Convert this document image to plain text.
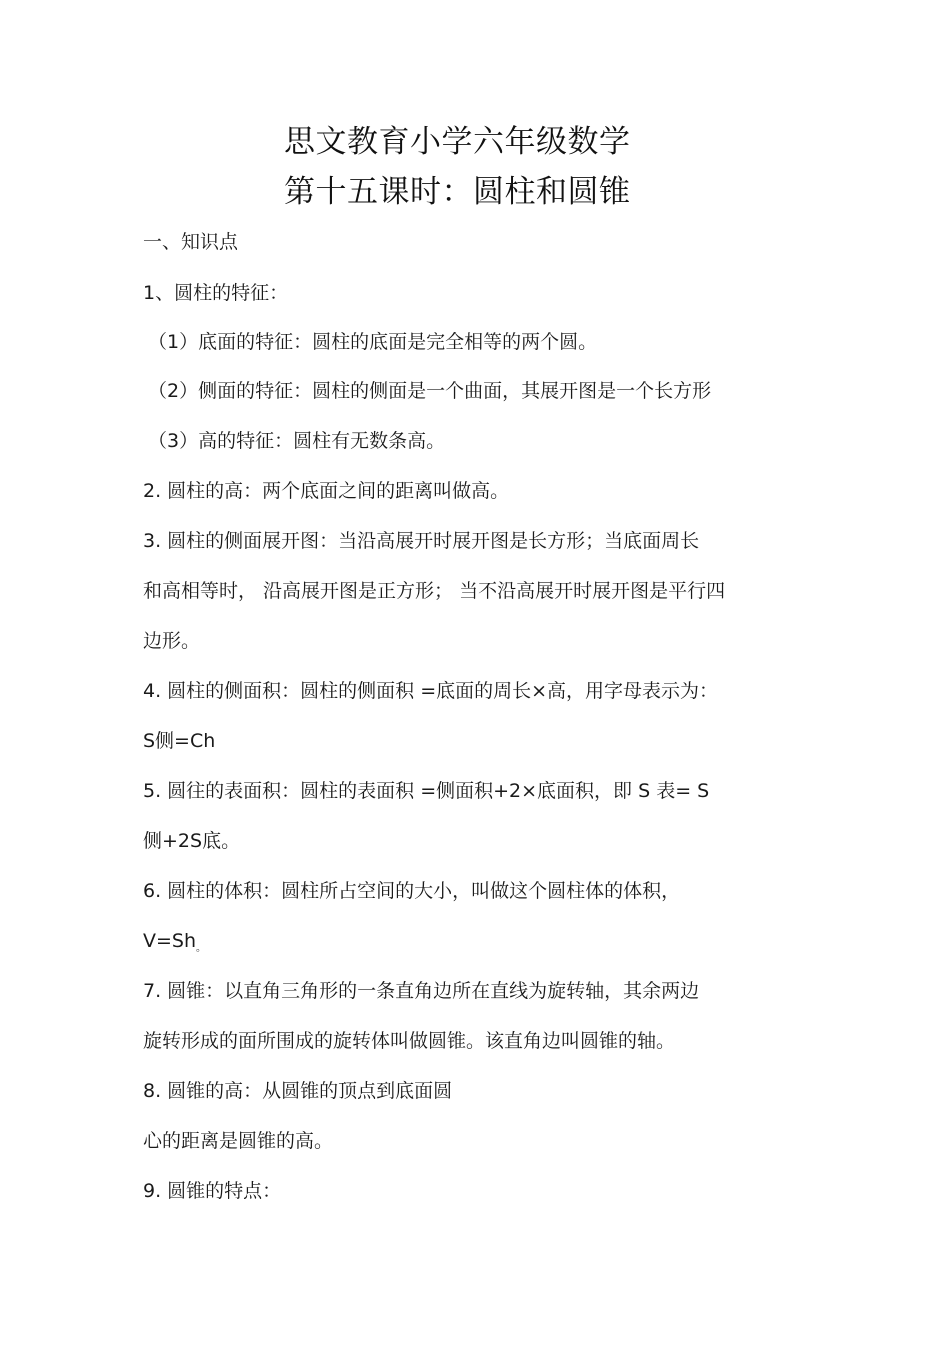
思文教育小学六年级数学
第十五课时：圆柱和圆锥
一、知识点
1、圆柱的特征：
（1）底面的特征：圆柱的底面是完全相等的两个圆。
（2）侧面的特征：圆柱的侧面是一个曲面，其展开图是一个长方形
（3）高的特征：圆柱有无数条高。
2. 圆柱的高：两个底面之间的距离叫做高。
3. 圆柱的侧面展开图：当沿高展开时展开图是长方形；当底面周长
和高相等时， 沿高展开图是正方形； 当不沿高展开时展开图是平行四
边形。
4. 圆柱的侧面积：圆柱的侧面积 =底面的周长×高，用字母表示为：
S侧=Ch
5. 圆往的表面积：圆柱的表面积 =侧面积+2×底面积，即 S 表= S
侧+2S底。
6. 圆柱的体积：圆柱所占空间的大小，叫做这个圆柱体的体积，
$V=Sh_。$
7. 圆锥：以直角三角形的一条直角边所在直线为旋转轴，其余两边
旋转形成的面所围成的旋转体叫做圆锥。该直角边叫圆锥的轴。
8. 圆锥的高：从圆锥的顶点到底面圆
心的距离是圆锥的高。
9. 圆锥的特点：
